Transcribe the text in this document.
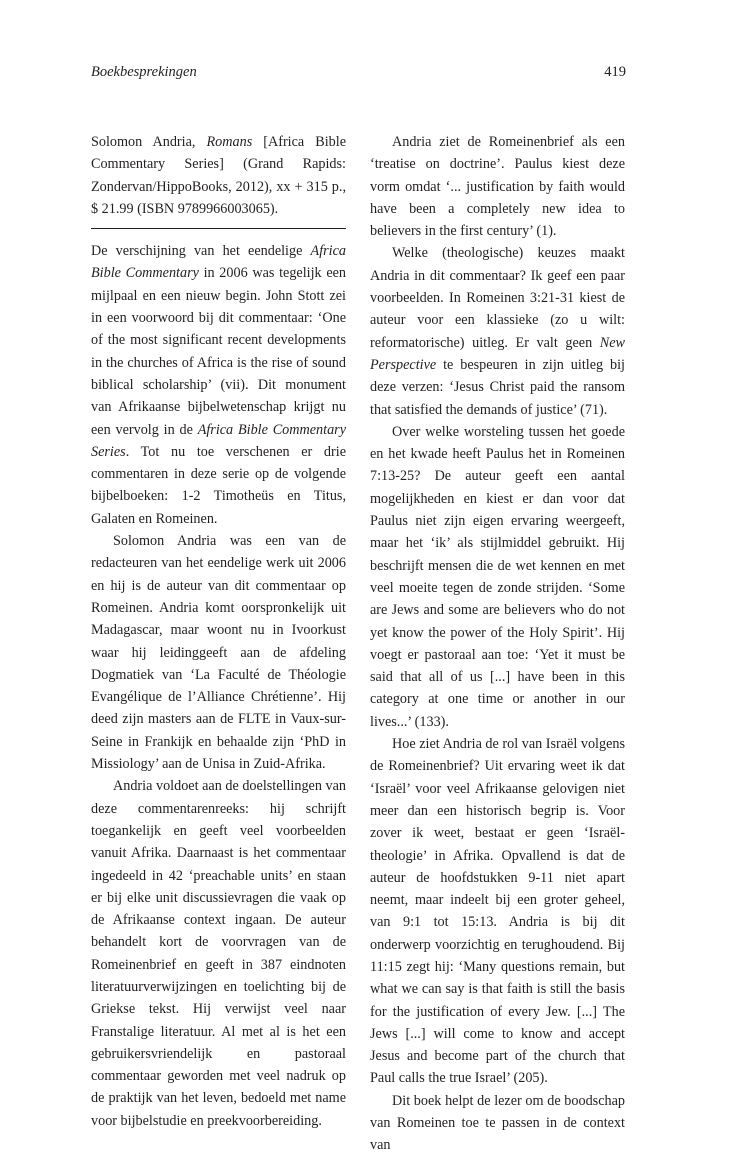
Boekbesprekingen	419

Solomon Andria, Romans [Africa Bible Commentary Series] (Grand Rapids: Zondervan/HippoBooks, 2012), xx + 315 p., $ 21.99 (ISBN 9789966003065).

De verschijning van het eendelige Africa Bible Commentary in 2006 was tegelijk een mijlpaal en een nieuw begin. John Stott zei in een voorwoord bij dit commentaar: ‘One of the most significant recent developments in the churches of Africa is the rise of sound biblical scholarship’ (vii). Dit monument van Afrikaanse bijbelwetenschap krijgt nu een vervolg in de Africa Bible Commentary Series. Tot nu toe verschenen er drie commentaren in deze serie op de volgende bijbelboeken: 1-2 Timotheüs en Titus, Galaten en Romeinen.

Solomon Andria was een van de redacteuren van het eendelige werk uit 2006 en hij is de auteur van dit commentaar op Romeinen. Andria komt oorspronkelijk uit Madagascar, maar woont nu in Ivoorkust waar hij leidinggeeft aan de afdeling Dogmatiek van ‘La Faculté de Théologie Evangélique de l’Alliance Chrétienne’. Hij deed zijn masters aan de FLTE in Vaux-sur-Seine in Frankijk en behaalde zijn ‘PhD in Missiology’ aan de Unisa in Zuid-Afrika.

Andria voldoet aan de doelstellingen van deze commentarenreeks: hij schrijft toegankelijk en geeft veel voorbeelden vanuit Afrika. Daarnaast is het commentaar ingedeeld in 42 ‘preachable units’ en staan er bij elke unit discussievragen die vaak op de Afrikaanse context ingaan. De auteur behandelt kort de voorvragen van de Romeinenbrief en geeft in 387 eindnoten literatuurverwijzingen en toelichting bij de Griekse tekst. Hij verwijst veel naar Franstalige literatuur. Al met al is het een gebruikersvriendelijk en pastoraal commentaar geworden met veel nadruk op de praktijk van het leven, bedoeld met name voor bijbelstudie en preekvoorbereiding.

Andria ziet de Romeinenbrief als een ‘treatise on doctrine’. Paulus kiest deze vorm omdat ‘... justification by faith would have been a completely new idea to believers in the first century’ (1).

Welke (theologische) keuzes maakt Andria in dit commentaar? Ik geef een paar voorbeelden. In Romeinen 3:21-31 kiest de auteur voor een klassieke (zo u wilt: reformatorische) uitleg. Er valt geen New Perspective te bespeuren in zijn uitleg bij deze verzen: ‘Jesus Christ paid the ransom that satisfied the demands of justice’ (71).

Over welke worsteling tussen het goede en het kwade heeft Paulus het in Romeinen 7:13-25? De auteur geeft een aantal mogelijkheden en kiest er dan voor dat Paulus niet zijn eigen ervaring weergeeft, maar het ‘ik’ als stijlmiddel gebruikt. Hij beschrijft mensen die de wet kennen en met veel moeite tegen de zonde strijden. ‘Some are Jews and some are believers who do not yet know the power of the Holy Spirit’. Hij voegt er pastoraal aan toe: ‘Yet it must be said that all of us [...] have been in this category at one time or another in our lives...’ (133).

Hoe ziet Andria de rol van Israël volgens de Romeinenbrief? Uit ervaring weet ik dat ‘Israël’ voor veel Afrikaanse gelovigen niet meer dan een historisch begrip is. Voor zover ik weet, bestaat er geen ‘Israël-theologie’ in Afrika. Opvallend is dat de auteur de hoofdstukken 9-11 niet apart neemt, maar indeelt bij een groter geheel, van 9:1 tot 15:13. Andria is bij dit onderwerp voorzichtig en terughoudend. Bij 11:15 zegt hij: ‘Many questions remain, but what we can say is that faith is still the basis for the justification of every Jew. [...] The Jews [...] will come to know and accept Jesus and become part of the church that Paul calls the true Israel’ (205).

Dit boek helpt de lezer om de boodschap van Romeinen toe te passen in de context van
